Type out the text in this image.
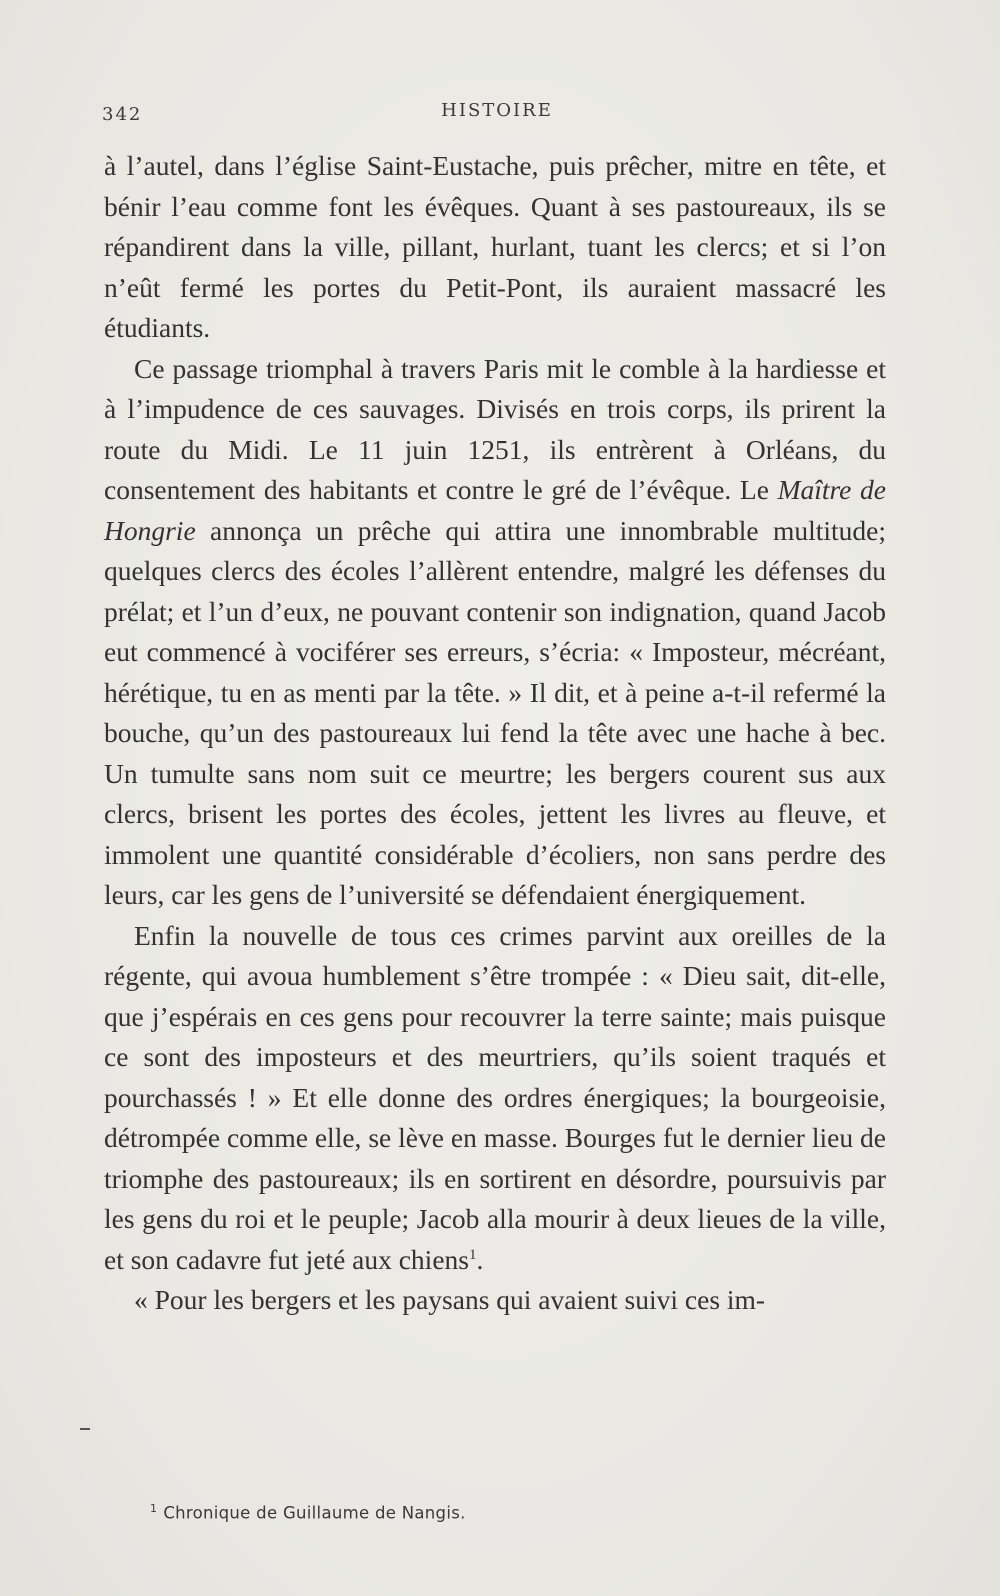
342	HISTOIRE

à l’autel, dans l’église Saint-Eustache, puis prêcher, mitre en tête, et bénir l’eau comme font les évêques. Quant à ses pastoureaux, ils se répandirent dans la ville, pillant, hurlant, tuant les clercs; et si l’on n’eût fermé les portes du Petit-Pont, ils auraient massacré les étudiants.

Ce passage triomphal à travers Paris mit le comble à la hardiesse et à l’impudence de ces sauvages. Divisés en trois corps, ils prirent la route du Midi. Le 11 juin 1251, ils entrèrent à Orléans, du consentement des habitants et contre le gré de l’évêque. Le Maître de Hongrie annonça un prêche qui attira une innombrable multitude; quelques clercs des écoles l’allèrent entendre, malgré les défenses du prélat; et l’un d’eux, ne pouvant contenir son indignation, quand Jacob eut commencé à vociférer ses erreurs, s’écria: « Imposteur, mécréant, hérétique, tu en as menti par la tête. » Il dit, et à peine a-t-il refermé la bouche, qu’un des pastoureaux lui fend la tête avec une hache à bec. Un tumulte sans nom suit ce meurtre; les bergers courent sus aux clercs, brisent les portes des écoles, jettent les livres au fleuve, et immolent une quantité considérable d’écoliers, non sans perdre des leurs, car les gens de l’université se défendaient énergiquement.

Enfin la nouvelle de tous ces crimes parvint aux oreilles de la régente, qui avoua humblement s’être trompée : « Dieu sait, dit-elle, que j’espérais en ces gens pour recouvrer la terre sainte; mais puisque ce sont des imposteurs et des meurtriers, qu’ils soient traqués et pourchassés ! » Et elle donne des ordres énergiques; la bourgeoisie, détrompée comme elle, se lève en masse. Bourges fut le dernier lieu de triomphe des pastoureaux; ils en sortirent en désordre, poursuivis par les gens du roi et le peuple; Jacob alla mourir à deux lieues de la ville, et son cadavre fut jeté aux chiens$^1$.

« Pour les bergers et les paysans qui avaient suivi ces im-

$^1$ Chronique de Guillaume de Nangis.
